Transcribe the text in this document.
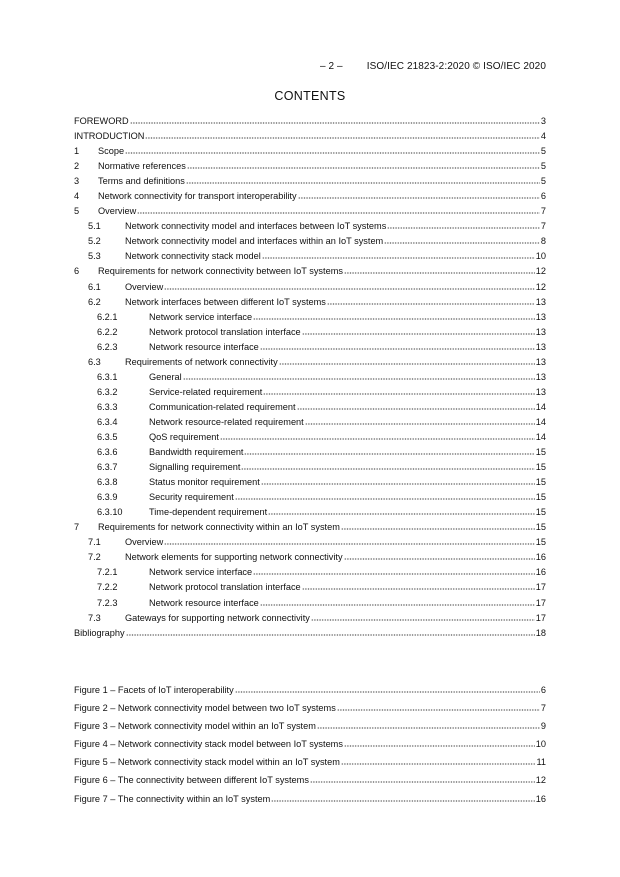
– 2 – ISO/IEC 21823-2:2020 © ISO/IEC 2020
CONTENTS
FOREWORD	3
INTRODUCTION	4
1	Scope	5
2	Normative references	5
3	Terms and definitions	5
4	Network connectivity for transport interoperability	6
5	Overview	7
5.1	Network connectivity model and interfaces between IoT systems	7
5.2	Network connectivity model and interfaces within an IoT system	8
5.3	Network connectivity stack model	10
6	Requirements for network connectivity between IoT systems	12
6.1	Overview	12
6.2	Network interfaces between different IoT systems	13
6.2.1	Network service interface	13
6.2.2	Network protocol translation interface	13
6.2.3	Network resource interface	13
6.3	Requirements of network connectivity	13
6.3.1	General	13
6.3.2	Service-related requirement	13
6.3.3	Communication-related requirement	14
6.3.4	Network resource-related requirement	14
6.3.5	QoS requirement	14
6.3.6	Bandwidth requirement	15
6.3.7	Signalling requirement	15
6.3.8	Status monitor requirement	15
6.3.9	Security requirement	15
6.3.10	Time-dependent requirement	15
7	Requirements for network connectivity within an IoT system	15
7.1	Overview	15
7.2	Network elements for supporting network connectivity	16
7.2.1	Network service interface	16
7.2.2	Network protocol translation interface	17
7.2.3	Network resource interface	17
7.3	Gateways for supporting network connectivity	17
Bibliography	18
Figure 1 – Facets of IoT interoperability	6
Figure 2 – Network connectivity model between two IoT systems	7
Figure 3 – Network connectivity model within an IoT system	9
Figure 4 – Network connectivity stack model between IoT systems	10
Figure 5 – Network connectivity stack model within an IoT system	11
Figure 6 – The connectivity between different IoT systems	12
Figure 7 – The connectivity within an IoT system	16
